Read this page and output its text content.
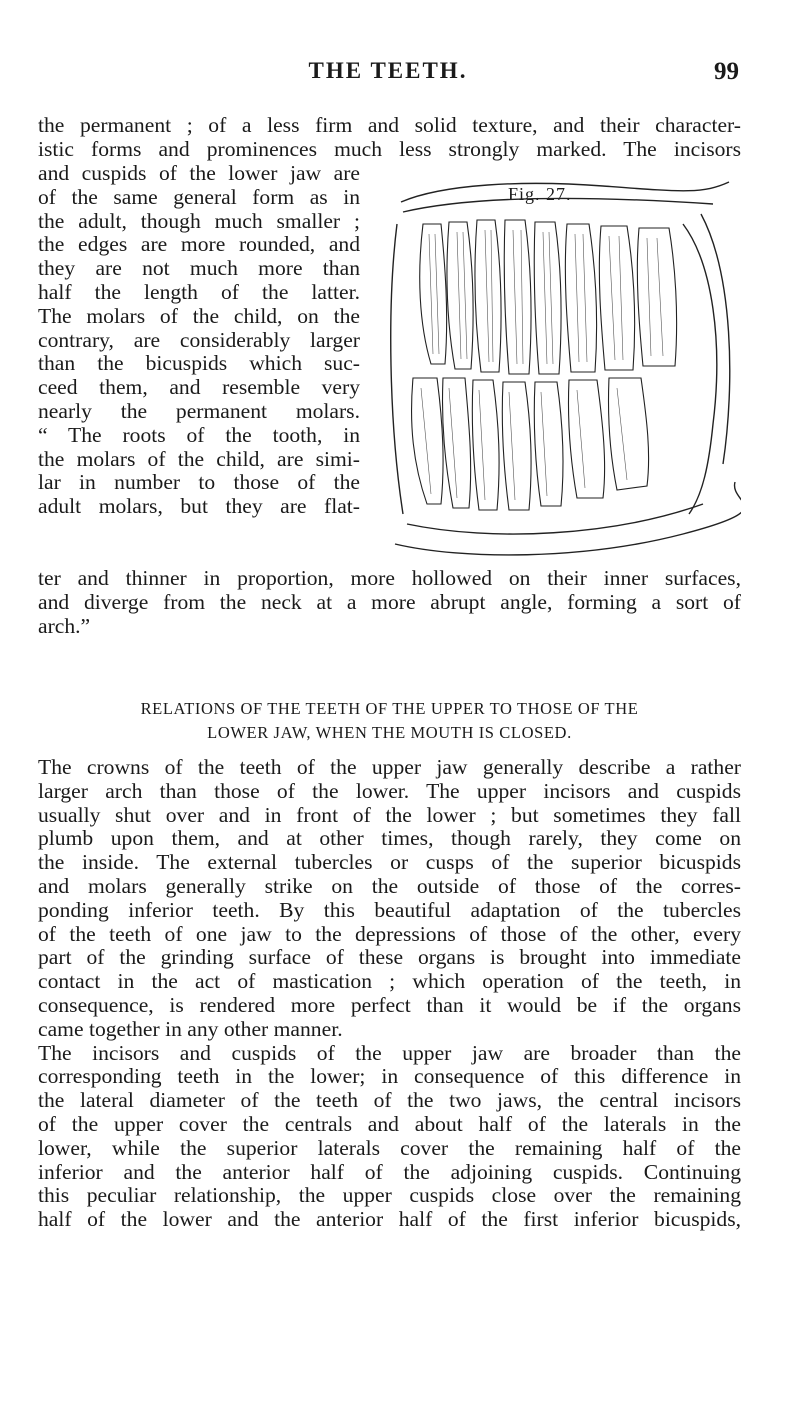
THE TEETH.	99
the permanent ; of a less firm and solid texture, and their character-
istic forms and prominences much less strongly marked. The incisors
and cuspids of the lower jaw are
of the same general form as in
the adult, though much smaller ;
the edges are more rounded, and
they are not much more than
half the length of the latter.
The molars of the child, on the
contrary, are considerably larger
than the bicuspids which suc-
ceed them, and resemble very
nearly the permanent molars.
“ The roots of the tooth, in
the molars of the child, are simi-
lar in number to those of the
adult molars, but they are flat-
Fig. 27.
ter and thinner in proportion, more hollowed on their inner surfaces,
and diverge from the neck at a more abrupt angle, forming a sort of
arch.”
RELATIONS OF THE TEETH OF THE UPPER TO THOSE OF THE
LOWER JAW, WHEN THE MOUTH IS CLOSED.
The crowns of the teeth of the upper jaw generally describe a rather
larger arch than those of the lower. The upper incisors and cuspids
usually shut over and in front of the lower ; but sometimes they fall
plumb upon them, and at other times, though rarely, they come on
the inside. The external tubercles or cusps of the superior bicuspids
and molars generally strike on the outside of those of the corres-
ponding inferior teeth. By this beautiful adaptation of the tubercles
of the teeth of one jaw to the depressions of those of the other, every
part of the grinding surface of these organs is brought into immediate
contact in the act of mastication ; which operation of the teeth, in
consequence, is rendered more perfect than it would be if the organs
came together in any other manner.
The incisors and cuspids of the upper jaw are broader than the
corresponding teeth in the lower; in consequence of this difference in
the lateral diameter of the teeth of the two jaws, the central incisors
of the upper cover the centrals and about half of the laterals in the
lower, while the superior laterals cover the remaining half of the
inferior and the anterior half of the adjoining cuspids. Continuing
this peculiar relationship, the upper cuspids close over the remaining
half of the lower and the anterior half of the first inferior bicuspids,
